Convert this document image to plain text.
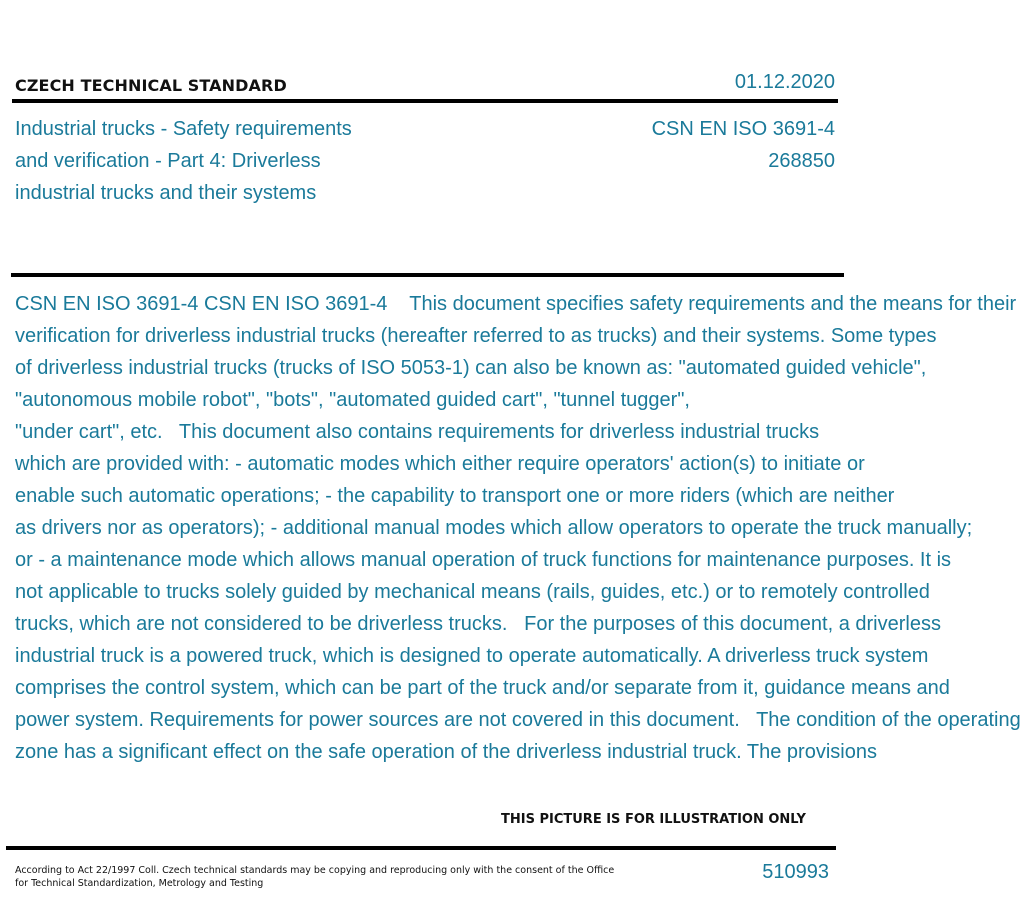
CZECH TECHNICAL STANDARD	01.12.2020
Industrial trucks - Safety requirements
and verification - Part 4: Driverless
industrial trucks and their systems
CSN EN ISO 3691-4
268850
CSN EN ISO 3691-4 CSN EN ISO 3691-4    This document specifies safety requirements and the means for their
verification for driverless industrial trucks (hereafter referred to as trucks) and their systems. Some types
of driverless industrial trucks (trucks of ISO 5053-1) can also be known as: "automated guided vehicle",
"autonomous mobile robot", "bots", "automated guided cart", "tunnel tugger",
"under cart", etc.   This document also contains requirements for driverless industrial trucks
which are provided with: - automatic modes which either require operators' action(s) to initiate or
enable such automatic operations; - the capability to transport one or more riders (which are neither
as drivers nor as operators); - additional manual modes which allow operators to operate the truck manually;
or - a maintenance mode which allows manual operation of truck functions for maintenance purposes. It is
not applicable to trucks solely guided by mechanical means (rails, guides, etc.) or to remotely controlled
trucks, which are not considered to be driverless trucks.   For the purposes of this document, a driverless
industrial truck is a powered truck, which is designed to operate automatically. A driverless truck system
comprises the control system, which can be part of the truck and/or separate from it, guidance means and
power system. Requirements for power sources are not covered in this document.   The condition of the operating
zone has a significant effect on the safe operation of the driverless industrial truck. The provisions
THIS PICTURE IS FOR ILLUSTRATION ONLY
According to Act 22/1997 Coll. Czech technical standards may be copying and reproducing only with the consent of the Office
for Technical Standardization, Metrology and Testing
510993
